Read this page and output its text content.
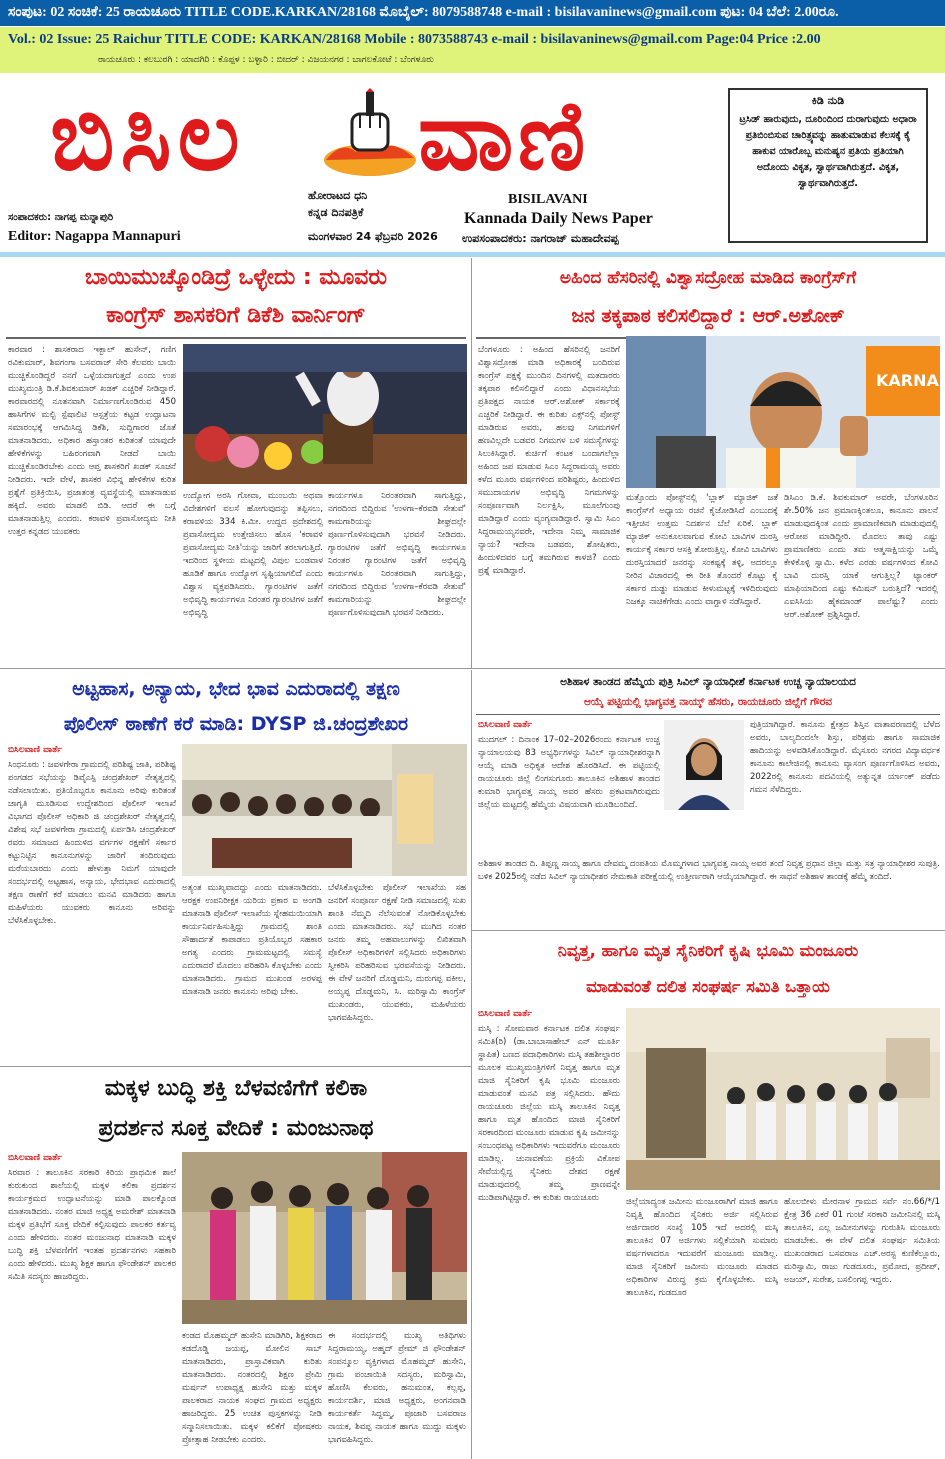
ಸಂಪುಟ: 02 ಸಂಚಿಕೆ: 25 ರಾಯಚೂರು TITLE CODE.KARKAN/28168 ಮೊಬೈಲ್: 8079588748 e-mail : bisilavaninews@gmail.com ಪುಟ: 04 ಬೆಲೆ: 2.00ರೂ.
Vol.: 02 Issue: 25 Raichur TITLE CODE: KARKAN/28168 Mobile : 8073588743 e-mail : bisilavaninews@gmail.com Page:04 Price :2.00
ರಾಯಚೂರು : ಕಲಬುರಗಿ : ಯಾದಗಿರಿ : ಕೊಪ್ಪಳ : ಬಳ್ಳಾರಿ : ಬೀದರ್ : ವಿಜಯನಗರ : ಬಾಗಲಕೋಟೆ : ಬೆಂಗಳೂರು
ಬಿಸಿಲ ವಾಣಿ
ಹೋರಾಟದ ಧನಿ
ಕನ್ನಡ ದಿನಪತ್ರಿಕೆ
ಮಂಗಳವಾರ 24 ಫೆಬ್ರವರಿ 2026
BISILAVANI
Kannada Daily News Paper
ಉಪಸಂಪಾದಕರು: ನಾಗರಾಜ್ ಮಹಾದೇವಪ್ಪ
ಸಂಪಾದಕರು: ನಾಗಪ್ಪ ಮನ್ನಾಪುರಿ
Editor: Nagappa Mannapuri
ಕಿಡಿ ನುಡಿ
ಟ್ರಸಿಡ್ ಹಾರುವುದು, ದೂರಿಂದಿಂದ ದುರಾಗುವುದು ಅಧಾರಾ ಪ್ರತಿಬಿಂಬಿಸುವ ಚಾರಿತ್ರ್ಯವನ್ನು ಹಾತುಮಾಡುವ ಕೆಲಸಕ್ಕೆ ಕೈ ಹಾಕುವ ಯಾರೊಬ್ಬ ಮನುಷ್ಯನ ಪ್ರತಿಯ ಪ್ರತಿಯಾಗಿ ಅದೊಂದು ವಿಕೃತ, ಸ್ವಾರ್ಥವಾಗಿರುತ್ತದೆ. ವಿಕೃತ, ಸ್ವಾರ್ಥವಾಗಿರುತ್ತದೆ.
ಬಾಯಿಮುಚ್ಕೊಂಡಿದ್ರೆ ಒಳ್ಳೇದು : ಮೂವರು
ಕಾಂಗ್ರೆಸ್ ಶಾಸಕರಿಗೆ ಡಿಕೆಶಿ ವಾರ್ನಿಂಗ್
ಕಾರವಾರ : ಶಾಸಕರಾದ ಇಕ್ಬಾಲ್ ಹುಸೇನ್, ಗಣಿಗ ರವಿಕುಮಾರ್, ಶಿವಗಂಗಾ ಬಸವರಾಜ್ ಸೇರಿ ಕೆಲವರು ಬಾಯಿ ಮುಚ್ಚಿಕೊಂಡಿದ್ದರೆ ನನಗೆ ಒಳ್ಳೆಯದಾಗುತ್ತದೆ ಎಂದು ಉಪ ಮುಖ್ಯಮಂತ್ರಿ ಡಿ.ಕೆ.ಶಿವಕುಮಾರ್ ಖಡಕ್ ಎಚ್ಚರಿಕೆ ನೀಡಿದ್ದಾರೆ. ಕಾರವಾರದಲ್ಲಿ ನೂತನವಾಗಿ ನಿರ್ಮಾಣಗೊಂಡಿರುವ 450 ಹಾಸಿಗೆಗಳ ಮಲ್ಟಿ ಸ್ಪೆಷಾಲಿಟಿ ಆಸ್ಪತ್ರೆಯ ಕಟ್ಟಡ ಉದ್ಘಾಟನಾ ಸಮಾರಂಭಕ್ಕೆ ಆಗಮಿಸಿದ್ದ ಡಿಕೆಶಿ, ಸುದ್ದಿಗಾರರ ಜೊತೆ ಮಾತನಾಡಿದರು. ಅಧಿಕಾರ ಹಸ್ತಾಂತರ ಕುರಿತಂತೆ ಯಾವುದೇ ಹೇಳಿಕೆಗಳನ್ನು ಬಹಿರಂಗವಾಗಿ ನೀಡದೆ ಬಾಯಿ ಮುಚ್ಚಿಕೊಂಡಿರಬೇಕು ಎಂದು ಆಪ್ತ ಶಾಸಕರಿಗೆ ಖಡಕ್ ಸೂಚನೆ ನೀಡಿದರು. ಇದೇ ವೇಳೆ, ಶಾಸಕರ ವಿಭಿನ್ನ ಹೇಳಿಕೆಗಳ ಕುರಿತ ಪ್ರಶ್ನೆಗೆ ಪ್ರತಿಕ್ರಿಯಿಸಿ, ಪ್ರಜಾತಂತ್ರ ವ್ಯವಸ್ಥೆಯಲ್ಲಿ ಮಾತನಾಡುವ ಹಕ್ಕಿದೆ. ಅವರು ಮಾಡಲಿ ಬಿಡಿ. ಆದರೆ ಈ ಬಗ್ಗೆ ಮಾತನಾಡುತ್ತಿಲ್ಲ ಎಂದರು. ಕರಾವಳಿ ಪ್ರವಾಸೋದ್ಯಮ ನೀತಿ ಉತ್ತರ ಕನ್ನಡದ ಯುವಕರು
ಉದ್ಯೋಗ ಅರಸಿ ಗೋವಾ, ಮುಂಬಯಿ ಅಥವಾ ವಿದೇಶಗಳಿಗೆ ವಲಸೆ ಹೋಗುವುದನ್ನು ತಪ್ಪಿಸಲು, ಕರಾವಳಿಯ 334 ಕಿ.ಮೀ. ಉದ್ದದ ಪ್ರದೇಶದಲ್ಲಿ ಪ್ರವಾಸೋದ್ಯಮ ಉತ್ತೇಜಿಸಲು ಹೊಸ 'ಕರಾವಳಿ ಪ್ರವಾಸೋದ್ಯಮ ನೀತಿ'ಯನ್ನು ಜಾರಿಗೆ ತರಲಾಗುತ್ತಿದೆ. ಇದರಿಂದ ಸ್ಥಳೀಯ ಮಟ್ಟದಲ್ಲಿ ವಿಪುಲ ಬಂಡವಾಳ ಹೂಡಿಕೆ ಹಾಗೂ ಉದ್ಯೋಗ ಸೃಷ್ಟಿಯಾಗಲಿದೆ ಎಂದು ವಿಶ್ವಾಸ ವ್ಯಕ್ತಪಡಿಸಿದರು. ಗ್ಯಾರಂಟಿಗಳ ಜತೆಗೆ ಅಭಿವೃದ್ಧಿ ಕಾರ್ಯಗಳೂ ನಿರಂತರ ಗ್ಯಾರಂಟಿಗಳ ಜತೆಗೆ ಅಭಿವೃದ್ಧಿ
ಕಾರ್ಯಗಳೂ ನಿರಂತರವಾಗಿ ಸಾಗುತ್ತಿದ್ದು, ನಗರದಿಂದ ಬಿದ್ದಿರುವ 'ಉಳಗಾ–ಕೆರವಡಿ ಸೇತುವೆ' ಕಾಮಗಾರಿಯನ್ನು ಶೀಘ್ರದಲ್ಲೇ ಪೂರ್ಣಗೊಳಿಸುವುದಾಗಿ ಭರವಸೆ ನೀಡಿದರು. ಗ್ಯಾರಂಟಿಗಳ ಜತೆಗೆ ಅಭಿವೃದ್ಧಿ ಕಾರ್ಯಗಳೂ ನಿರಂತರ ಗ್ಯಾರಂಟಿಗಳ ಜತೆಗೆ ಅಭಿವೃದ್ಧಿ ಕಾರ್ಯಗಳೂ ನಿರಂತರವಾಗಿ ಸಾಗುತ್ತಿದ್ದು, ನಗರದಿಂದ ಬಿದ್ದಿರುವ 'ಉಳಗಾ–ಕೆರವಡಿ ಸೇತುವೆ' ಕಾಮಗಾರಿಯನ್ನು ಶೀಘ್ರದಲ್ಲೇ ಪೂರ್ಣಗೊಳಿಸುವುದಾಗಿ ಭರವಸೆ ನೀಡಿದರು.
ಅಹಿಂದ ಹೆಸರಿನಲ್ಲಿ ವಿಶ್ವಾಸದ್ರೋಹ ಮಾಡಿದ ಕಾಂಗ್ರೆಸ್‌ಗೆ
ಜನ ತಕ್ಕಪಾಠ ಕಲಿಸಲಿದ್ದಾರೆ : ಆರ್.ಅಶೋಕ್
ಬೆಂಗಳೂರು : ಅಹಿಂದ ಹೆಸರಿನಲ್ಲಿ ಜನರಿಗೆ ವಿಶ್ವಾಸದ್ರೋಹ ಮಾಡಿ ಅಧಿಕಾರಕ್ಕೆ ಬಂದಿರುವ ಕಾಂಗ್ರೆಸ್ ಪಕ್ಷಕ್ಕೆ ಮುಂದಿನ ದಿನಗಳಲ್ಲಿ ಮತದಾರರು ತಕ್ಕಪಾಠ ಕಲಿಸಲಿದ್ದಾರೆ ಎಂದು ವಿಧಾನಸಭೆಯ ಪ್ರತಿಪಕ್ಷದ ನಾಯಕ ಆರ್.ಅಶೋಕ್ ಸರ್ಕಾರಕ್ಕೆ ಎಚ್ಚರಿಕೆ ನೀಡಿದ್ದಾರೆ. ಈ ಕುರಿತು ಎಕ್ಸ್‌ನಲ್ಲಿ ಪೋಸ್ಟ್ ಮಾಡಿರುವ ಅವರು, ಹಲವು ನಿಗಮಗಳಿಗೆ ಹಣವಿಲ್ಲದೇ ಬಡವರ ನಿಗಮಗಳ ಬಳಿ ಸಮಸ್ಯೆಗಳನ್ನು ಸಿಲುಕಿಸಿದ್ದಾರೆ. ಕುರ್ಚಿಗೆ ಕಂಟಕ ಬಂದಾಗಲೆಲ್ಲಾ ಅಹಿಂದ ಜಪ ಮಾಡುವ ಸಿಎಂ ಸಿದ್ದರಾಮಯ್ಯ ಅವರು ಕಳೆದ ಮೂರು ವರ್ಷಗಳಿಂದ ಪರಿಶಿಷ್ಟರು, ಹಿಂದುಳಿದ ಸಮುದಾಯಗಳ ಅಭಿವೃದ್ಧಿ ನಿಗಮಗಳನ್ನು ಸಂಪೂರ್ಣವಾಗಿ ನಿರ್ಲಕ್ಷಿಸಿ, ಮೂಲೆಗುಂಪು ಮಾಡಿದ್ದಾರೆ ಎಂದು ವ್ಯಂಗ್ಯವಾಡಿದ್ದಾರೆ. ಸ್ವಾಮಿ ಸಿಎಂ ಸಿದ್ದರಾಮಯ್ಯನವರೇ, ಇದೇನಾ ನಿಮ್ಮ ಸಾಮಾಜಿಕ ನ್ಯಾಯ? ಇದೇನಾ ಬಡವರು, ಶೋಷಿತರು, ಹಿಂದುಳಿದವರ ಬಗ್ಗೆ ತಮಗಿರುವ ಕಾಳಜಿ? ಎಂದು ಪ್ರಶ್ನೆ ಮಾಡಿದ್ದಾರೆ.
KARNA
ಮತ್ತೊಂದು ಪೋಸ್ಟ್‌ನಲ್ಲಿ 'ಬ್ಲಾಕ್ ಮ್ಯಾಜಿಕ್ ಜತೆ ಕಾಂಗ್ರೆಸ್‌ಗೆ ಅಧ್ಯಾಯ ರಚನೆ ಕೈಜೋಡಿಸಿದೆ ಎಂಬುದಕ್ಕೆ ಇತ್ತೀಚಿನ ಉತ್ತಮ ನಿದರ್ಶನ ಬೆಲೆ ಏರಿಕೆ. ಬ್ಲಾಕ್ ಮ್ಯಾಜಿಕ್ ಅನುಕೂಲವಾಗುವ ಕೋವಿ ಬಾವಿಗಳ ದುರಸ್ತಿ ಕಾರ್ಯಕ್ಕೆ ಸರ್ಕಾರ ಆಸಕ್ತಿ ತೋರುತ್ತಿಲ್ಲ. ಕೋವಿ ಬಾವಿಗಳು ದುರಸ್ತಿಯಾದರೆ ಜನರನ್ನು ಸಂಕಷ್ಟಕ್ಕೆ ತಳ್ಳಿ, ಅದರಲ್ಲೂ ನೀರಿನ ವಿಚಾರದಲ್ಲಿ ಈ ರೀತಿ ತೊಂದರೆ ಕೊಟ್ಟು ಕೈ ಸರ್ಕಾರ ದುಡ್ಡು ಮಾಡುವ ಕೀಳುಮಟ್ಟಕ್ಕೆ ಇಳಿದಿರುವುದು ನಿಜಕ್ಕೂ ನಾಚಿಕೆಗೇಡು ಎಂದು ವಾಗ್ದಾಳಿ ನಡೆಸಿದ್ದಾರೆ.
ಡಿಸಿಎಂ ಡಿ.ಕೆ. ಶಿವಕುಮಾರ್ ಅವರೇ, ಬೆಂಗಳೂರಿನ ಶೇ.50% ಜನ ಪ್ರಮಾಣಕ್ಕಿಂತಲೂ, ಕಾನೂನು ಪಾಲನೆ ಮಾಡುವುದಕ್ಕಿಂತ ಎಂದು ಪ್ರಾಮಾಣಿಕವಾಗಿ ಮಾಡುವುದಲ್ಲಿ ಆರೋಪ ಮಾಡಿದ್ದೀರಿ. ಮೊದಲು ತಾವು ಎಷ್ಟು ಪ್ರಾಮಾಣಿಕರು ಎಂದು ತಮ ಆತ್ಮಸಾಕ್ಷಿಯನ್ನು ಒಮ್ಮೆ ಕೇಳಿಕೊಳ್ಳಿ ಸ್ವಾಮಿ. ಕಳೆದ ಎರಡು ವರ್ಷಗಳಿಂದ ಕೋವಿ ಬಾವಿ ದುರಸ್ತಿ ಯಾಕೆ ಆಗುತ್ತಿಲ್ಲ? ಟ್ಯಾಂಕರ್ ಮಾಫಿಯಾದಿಂದ ಎಷ್ಟು ಕಮಿಷನ್ ಬರುತ್ತಿದೆ? ಇದರಲ್ಲಿ ಎಐಸಿಸಿಯ ಹೈಕಮಾಂಡ್ ಪಾಲೆಷ್ಟು? ಎಂದು ಆರ್.ಅಶೋಕ್ ಪ್ರಶ್ನಿಸಿದ್ದಾರೆ.
ಅಟ್ಟಹಾಸ, ಅನ್ಯಾಯ, ಭೇದ ಭಾವ ಎದುರಾದಲ್ಲಿ ತಕ್ಷಣ
ಪೊಲೀಸ್ ಠಾಣೆಗೆ ಕರೆ ಮಾಡಿ: DYSP ಜಿ.ಚಂದ್ರಶೇಖರ
ಬಿಸಿಲವಾಣಿ ವಾರ್ತೆ
ಸಿಂಧನೂರು : ಜವಳಗೇರಾ ಗ್ರಾಮದಲ್ಲಿ ಪರಿಶಿಷ್ಟ ಜಾತಿ, ಪರಿಶಿಷ್ಟ ಪಂಗಡದ ಸಭೆಯನ್ನು ಡಿವೈಎಸ್ಪಿ ಚಂದ್ರಶೇಖರ್ ನೇತೃತ್ವದಲ್ಲಿ ನಡೆಸಲಾಯಿತು. ಪ್ರತಿಯೊಬ್ಬರೂ ಕಾನೂನು ಅರಿವು ಕುರಿತಂತೆ ಜಾಗೃತಿ ಮೂಡಿಸುವ ಉದ್ದೇಶದಿಂದ ಪೊಲೀಸ್ ಇಲಾಖೆ ವಿಭಾಗದ ಪೊಲೀಸ್ ಅಧಿಕಾರಿ ಜಿ ಚಂದ್ರಶೇಖರ್ ನೇತೃತ್ವದಲ್ಲಿ ವಿಶೇಷ ಸಭೆ ಜವಳಗೇರಾ ಗ್ರಾಮದಲ್ಲಿ ಏರ್ಪಡಿಸಿ ಚಂದ್ರಶೇಖರ್ ರವರು ಸಮಾಜದ ಹಿಂದುಳಿದ ವರ್ಗಗಳ ರಕ್ಷಣೆಗೆ ಸರ್ಕಾರ ಕಟ್ಟುನಿಟ್ಟಿನ ಕಾನೂನುಗಳನ್ನು ಜಾರಿಗೆ ತಂದಿರುವುದು ಮರೆಯಬಾರದು ಎಂದು ಹೇಳುತ್ತಾ ನಿಮಗೆ ಯಾವುದೇ ಸಂದರ್ಭದಲ್ಲಿ ಅಟ್ಟಹಾಸ, ಅನ್ಯಾಯ, ಭೇದಭಾವ ಎದುರಾದಲ್ಲಿ ತಕ್ಷಣ ಠಾಣೆಗೆ ಕರೆ ಮಾಡಲು ಮನವಿ ಮಾಡಿದರು ಹಾಗೂ ಮಹಿಳೆಯರು ಯುವಕರು ಕಾನೂನು ಅರಿವನ್ನು ಬೆಳೆಸಿಕೊಳ್ಳಬೇಕು.
ಅತ್ಯಂತ ಮುಖ್ಯವಾದದ್ದು ಎಂದು ಮಾತನಾಡಿದರು. ಆರಕ್ಷಕ ಉಪನಿರೀಕ್ಷಕ ಯರಿಯ ಪ್ರಕಾರ ಐ ಅಂಗಡಿ ಮಾತನಾಡಿ ಪೊಲೀಸ್ ಇಲಾಖೆಯ ಸ್ನೇಹಮಯಿಯಾಗಿ ಕಾರ್ಯನಿರ್ವಹಿಸುತ್ತಿದ್ದು ಗ್ರಾಮದಲ್ಲಿ ಶಾಂತಿ ಸೌಹಾರ್ದತೆ ಕಾಪಾಡಲು ಪ್ರತಿಯೊಬ್ಬರ ಸಹಕಾರ ಅಗತ್ಯ ಎಂದರು ಗ್ರಾಮಮಟ್ಟದಲ್ಲಿ ಸಮಸ್ಯೆ ಎದುರಾದರೆ ಮೊದಲು ಪರಿಹರಿಸಿ ಕೊಳ್ಳಬೇಕು ಎಂದು ಮಾತನಾಡಿದರು. ಗ್ರಾಮದ ಮುಖಂಡ ಅರಳಪ್ಪ ಮಾತನಾಡಿ ಜನರು ಕಾನೂನು ಅರಿವು ಬೇಕು.
ಬೆಳೆಸಿಕೊಳ್ಳಬೇಕು ಪೊಲೀಸ್ ಇಲಾಖೆಯ ಸಹ ಜನರಿಗೆ ಸಂಪೂರ್ಣ ರಕ್ಷಣೆ ನೀಡಿ ಸಮಾಜದಲ್ಲಿ ಸುಖ ಶಾಂತಿ ನೆಮ್ಮದಿ ನೆಲೆಸುವಂತೆ ನೋಡಿಕೊಳ್ಳಬೇಕು ಎಂದು ಮಾತನಾಡಿದರು. ಸಭೆ ಮುಗಿದ ನಂತರ ಜನರು ತಮ್ಮ ಅಹವಾಲುಗಳನ್ನು ಲಿಖಿತವಾಗಿ ಪೊಲೀಸ್ ಅಧಿಕಾರಿಗಳಿಗೆ ಸಲ್ಲಿಸಿದರು ಅಧಿಕಾರಿಗಳು ಸ್ವೀಕರಿಸಿ ಪರಿಹರಿಸುವ ಭರವಸೆಯನ್ನು ನೀಡಿದರು. ಈ ವೇಳೆ ಜನರಿಗೆ ದೊಡ್ಡಮನಿ, ದುರುಗಪ್ಪ ವಕೀಲ, ಅಯ್ಯಪ್ಪ ದೊಡ್ಡಮನಿ, ಸಿ. ಮರಿಸ್ವಾಮಿ ಕಾಂಗ್ರೆಸ್ ಮುಖಂಡರು, ಯುವಕರು, ಮಹಿಳೆಯರು ಭಾಗವಹಿಸಿದ್ದರು.
ಅಶಿಹಾಳ ತಾಂಡದ ಹೆಮ್ಮೆಯ ಪುತ್ರಿ ಸಿವಿಲ್ ನ್ಯಾಯಾಧೀಶೆ ಕರ್ನಾಟಕ ಉಚ್ಚ ನ್ಯಾಯಾಲಯದ
ಆಯ್ಕೆ ಪಟ್ಟಿಯಲ್ಲಿ ಭಾಗ್ಯವತ್ತ ನಾಯ್ಕ್ ಹೆಸರು, ರಾಯಚೂರು ಜಿಲ್ಲೆಗೆ ಗೌರವ
ಬಿಸಿಲವಾಣಿ ವಾರ್ತೆ
ಮುದಗಲ್ : ದಿನಾಂಕ 17–02–2026ರಂದು ಕರ್ನಾಟಕ ಉಚ್ಚ ನ್ಯಾಯಾಲಯವು 83 ಅಭ್ಯರ್ಥಿಗಳನ್ನು ಸಿವಿಲ್ ನ್ಯಾಯಾಧೀಶರನ್ನಾಗಿ ಆಯ್ಕೆ ಮಾಡಿ ಅಧಿಕೃತ ಆದೇಶ ಹೊರಡಿಸಿದೆ. ಈ ಪಟ್ಟಿಯಲ್ಲಿ ರಾಯಚೂರು ಜಿಲ್ಲೆ ಲಿಂಗಸುಗೂರು ತಾಲೂಕಿನ ಅಶಿಹಾಳ ತಾಂಡದ ಕುಮಾರಿ ಭಾಗ್ಯವತ್ತ ನಾಯ್ಕ ಅವರ ಹೆಸರು ಪ್ರಕಟವಾಗಿರುವುದು ಜಿಲ್ಲೆಯ ಮಟ್ಟದಲ್ಲಿ ಹೆಮ್ಮೆಯ ವಿಷಯವಾಗಿ ಮೂಡಿಬಂದಿದೆ.
ಪುತ್ರಿಯಾಗಿದ್ದಾರೆ. ಕಾನೂನು ಕ್ಷೇತ್ರದ ಶಿಸ್ತಿನ ವಾತಾವರಣದಲ್ಲಿ ಬೆಳೆದ ಅವರು, ಬಾಲ್ಯದಿಂದಲೇ ಶಿಸ್ತು, ಪರಿಶ್ರಮ ಹಾಗೂ ಸಾಮಾಜಿಕ ಹಾದಿಯನ್ನು ಅಳವಡಿಸಿಕೊಂಡಿದ್ದಾರೆ. ಮೈಸೂರು ನಗರದ ವಿದ್ಯಾವರ್ಧಕ ಕಾನೂನು ಕಾಲೇಜಿನಲ್ಲಿ ಕಾನೂನು ವ್ಯಾಸಂಗ ಪೂರ್ಣಗೊಳಿಸಿದ ಅವರು, 2022ರಲ್ಲಿ ಕಾನೂನು ಪದವಿಯಲ್ಲಿ ಅತ್ಯುನ್ನತ ರ್ಯಾಂಕ್ ಪಡೆದು ಗಮನ ಸೆಳೆದಿದ್ದರು.
ಅಶಿಹಾಳ ತಾಂಡದ ದಿ. ತಿಪ್ಪಣ್ಣ ನಾಯ್ಕ ಹಾಗೂ ದೇವಮ್ಮ ದಂಪತಿಯ ಮೊಮ್ಮಗಳಾದ ಭಾಗ್ಯವತ್ತ ನಾಯ್ಕ ಅವರ ತಂದೆ ನಿವೃತ್ತ ಪ್ರಧಾನ ಜಿಲ್ಲಾ ಮತ್ತು ಸತ್ರ ನ್ಯಾಯಾಧೀಶರ ಸುಪುತ್ರಿ. ಬಳಿಕ 2025ರಲ್ಲಿ ನಡೆದ ಸಿವಿಲ್ ನ್ಯಾಯಾಧೀಶರ ನೇಮಕಾತಿ ಪರೀಕ್ಷೆಯಲ್ಲಿ ಉತ್ತೀರ್ಣರಾಗಿ ಆಯ್ಕೆಯಾಗಿದ್ದಾರೆ. ಈ ಸಾಧನೆ ಅಶಿಹಾಳ ತಾಂಡಕ್ಕೆ ಹೆಮ್ಮೆ ತಂದಿದೆ.
ನಿವೃತ್ತ, ಹಾಗೂ ಮೃತ ಸೈನಿಕರಿಗೆ ಕೃಷಿ ಭೂಮಿ ಮಂಜೂರು
ಮಾಡುವಂತೆ ದಲಿತ ಸಂಘರ್ಷ ಸಮಿತಿ ಒತ್ತಾಯ
ಬಿಸಿಲವಾಣಿ ವಾರ್ತೆ
ಮಸ್ಕಿ : ಸೋಮವಾರ ಕರ್ನಾಟಕ ದಲಿತ ಸಂಘರ್ಷ ಸಮಿತಿ(ರಿ) (ಡಾ.ಬಾಬಾಸಾಹೇಬ್ ಎನ್ ಮೂರ್ತಿ ಸ್ಥಾಪಿತ) ಬಣದ ಪದಾಧಿಕಾರಿಗಳು ಮಸ್ಕಿ ತಹಶೀಲ್ದಾರರ ಮೂಲಕ ಮುಖ್ಯಮಂತ್ರಿಗಳಿಗೆ ನಿವೃತ್ತ ಹಾಗೂ ಮೃತ ಮಾಜಿ ಸೈನಿಕರಿಗೆ ಕೃಷಿ ಭೂಮಿ ಮಂಜೂರು ಮಾಡುವಂತೆ ಮನವಿ ಪತ್ರ ಸಲ್ಲಿಸಿದರು. ಹೌದು ರಾಯಚೂರು ಜಿಲ್ಲೆಯ ಮಸ್ಕಿ ತಾಲೂಕಿನ ನಿವೃತ್ತ ಹಾಗೂ ಮೃತ ಹೊಂದಿದ ಮಾಜಿ ಸೈನಿಕರಿಗೆ ಸರಕಾರದಿಂದ ಮಂಜೂರು ಮಾಡುವ ಕೃಷಿ ಜಮೀನನ್ನು ಸಂಬಂಧಪಟ್ಟ ಅಧಿಕಾರಿಗಳು ಇದುವರೆಗೂ ಮಂಜೂರು ಮಾಡಿಲ್ಲ. ಚುನಾವಣೆಯ ಪ್ರಕ್ರಿಯೆ ವಿಕೋಪ ಸೇವೆಯಲ್ಲಿದ್ದ ಸೈನಿಕರು ದೇಶದ ರಕ್ಷಣೆ ಮಾಡುವುದರಲ್ಲಿ ತಮ್ಮ ಪ್ರಾಣವನ್ನೇ ಮುಡಿಪಾಗಿಟ್ಟಿದ್ದಾರೆ. ಈ ಕುರಿತು ರಾಯಚೂರು	ಜಿಲ್ಲೆಯಾದ್ಯಂತ ಜಮೀನು ಮಂಜೂರಾಗಿಗೆ ಮಾಜಿ ಹಾಗೂ ನಿವೃತ್ತಿ ಹೊಂದಿದ ಸೈನಿಕರು ಅರ್ಜಿ ಸಲ್ಲಿಸಿರುವ ಅರ್ಜಿದಾರರ ಸಂಖ್ಯೆ 105 ಇದೆ ಅದರಲ್ಲಿ ಮಸ್ಕಿ ತಾಲೂಕಿನ 07 ಅರ್ಜಿಗಳು ಸಲ್ಲಿಕೆಯಾಗಿ ಸುಮಾರು ವರ್ಷಗಳಾದರೂ ಇದುವರೆಗೆ ಮಂಜೂರು ಮಾಡಿಲ್ಲ. ಮಾಜಿ ಸೈನಿಕರಿಗೆ ಜಮೀನು ಮಂಜೂರು ಮಾಡದ ಅಧಿಕಾರಿಗಳ ವಿರುದ್ಧ ಕ್ರಮ ಕೈಗೊಳ್ಳಬೇಕು. ಮಸ್ಕಿ ತಾಲೂಕಿನ, ಗುಡದೂರ
ಹೊಲಬೀಳು ಮೇರನಾಳ ಗ್ರಾಮದ ಸರ್ವೆ ನಂ.66/*/1 ಕ್ಷೇತ್ರ 36 ಎಕರೆ 01 ಗುಂಟೆ ಸರಕಾರಿ ಜಮೀನಿನಲ್ಲಿ ಮಸ್ಕಿ ತಾಲೂಕಿನ, ಎಲ್ಲ ಜಮೀನುಗಳನ್ನು ಗುರುತಿಸಿ ಮಂಜೂರು ಮಾಡಬೇಕು. ಈ ವೇಳೆ ದಲಿತ ಸಂಘರ್ಷ ಸಮಿತಿಯ ಮುಖಂಡರಾದ ಬಸವರಾಜ ಎಚ್.ಅರಸ್ಟ ಕುಣಿಕೆಲ್ಲೂರು, ಮರಿಸ್ವಾಮಿ, ರಾಜು ಗುಡದೂರು, ಪ್ರಮೋದ, ಪ್ರದೀಪ್, ಅಜಯ್, ಸುರೇಶ, ಬಸಲಿಂಗಪ್ಪ ಇದ್ದರು.
ಮಕ್ಕಳ ಬುದ್ಧಿ ಶಕ್ತಿ ಬೆಳವಣಿಗೆಗೆ ಕಲಿಕಾ
ಪ್ರದರ್ಶನ ಸೂಕ್ತ ವೇದಿಕೆ : ಮಂಜುನಾಥ
ಬಿಸಿಲವಾಣಿ ವಾರ್ತೆ
ಸಿರವಾರ : ತಾಲೂಕಿನ ಸರಕಾರಿ ಕಿರಿಯ ಪ್ರಾಥಮಿಕ ಶಾಲೆ ಕುರುಕುಂದ ಶಾಲೆಯಲ್ಲಿ ಮಕ್ಕಳ ಕಲಿಕಾ ಪ್ರದರ್ಶನ ಕಾರ್ಯಕ್ರಮದ ಉದ್ಘಾಟನೆಯನ್ನು ಮಾಡಿ ಪಾಲಕ್ಕೊಂಡ ಮಾತನಾಡಿದರು. ನಂತರ ಮಾಜಿ ಅಧ್ಯಕ್ಷ ಅಮರೇಶ್ ಮಾತನಾಡಿ ಮಕ್ಕಳ ಪ್ರತಿಭೆಗೆ ಸೂಕ್ತ ವೇದಿಕೆ ಕಲ್ಪಿಸುವುದು ಪಾಲಕರ ಕರ್ತವ್ಯ ಎಂದು ಹೇಳಿದರು. ನಂತರ ಮಂಜುನಾಥ ಮಾತನಾಡಿ ಮಕ್ಕಳ ಬುದ್ಧಿ ಶಕ್ತಿ ಬೆಳವಣಿಗೆಗೆ ಇಂತಹ ಪ್ರದರ್ಶನಗಳು ಸಹಕಾರಿ ಎಂದು ಹೇಳಿದರು. ಮುಖ್ಯ ಶಿಕ್ಷಕ ಹಾಗೂ ಫೌಂಡೇಶನ್ ಪಾಲಕರ ಸಮಿತಿ ಸದಸ್ಯರು ಹಾಜರಿದ್ದರು.
ಕಂಡದ ಮೊಹಮ್ಮದ್ ಹುಸೇನಿ ಮಾಡಿಗಿರಿ, ಶಿಕ್ಷಕರಾದ ಕಡದೊಡ್ಡಿ ಜಯಪ್ಪ, ಮೋಲಿನ ಸಾಬ್ ಮಾತನಾಡಿದರು, ಪ್ರಾಸ್ತಾವಿಕವಾಗಿ ಕುರಿತು ಮಾತನಾಡಿದರು. ನಂತರದಲ್ಲಿ ಶಿಕ್ಷಣ ಪ್ರೇಮಿ ಮರ್ಷನ್ ಉಪಾಧ್ಯಕ್ಷ ಹುಸೇನಿ ಮತ್ತು ಮಕ್ಕಳ ಪಾಲಕರಾದ ನಾಯಕ ಸಂಘದ ಗ್ರಾಮದ ಅಧ್ಯಕ್ಷರು ಹಾಜರಿದ್ದರು. 25 ಉಚಿತ ಪುಸ್ತಕಗಳನ್ನು ನೀಡಿ ಸನ್ಮಾನಿಸಲಾಯಿತು. ಮಕ್ಕಳ ಕಲಿಕೆಗೆ ಪೋಷಕರು ಪ್ರೋತ್ಸಾಹ ನೀಡಬೇಕು ಎಂದರು.
ಈ ಸಂದರ್ಭದಲ್ಲಿ ಮುಖ್ಯ ಅತಿಥಿಗಳು ಸಿದ್ದರಾಮಯ್ಯ, ಅಹ್ಮದ್ ಪ್ರೇಮ್ ಜಿ ಫೌಂಡೇಶನ್ ಸಂಪನ್ಮೂಲ ವ್ಯಕ್ತಿಗಳಾದ ಮೊಹಮ್ಮದ್ ಹುಸೇನಿ, ಗ್ರಾಮ ಪಂಚಾಯಿತಿ ಸದಸ್ಯರು, ಮರಿಸ್ವಾಮಿ, ಹೊಣಿಸಿ ಕೆಲವರು, ಹನುಮಂತ, ಕಲ್ಲಪ್ಪ, ಕಾರ್ಯದರ್ಶಿ, ಮಾಜಿ ಅಧ್ಯಕ್ಷರು, ಅಂಗನವಾಡಿ ಕಾರ್ಯಕರ್ತೆ ಸಿದ್ದಮ್ಮ, ಪೂಜಾರಿ ಬಸವರಾಜ ನಾಯಕ, ಶಿವಪ್ಪ ನಾಯಕ ಹಾಗೂ ಮುದ್ದು ಮಕ್ಕಳು ಭಾಗವಹಿಸಿದ್ದರು.
